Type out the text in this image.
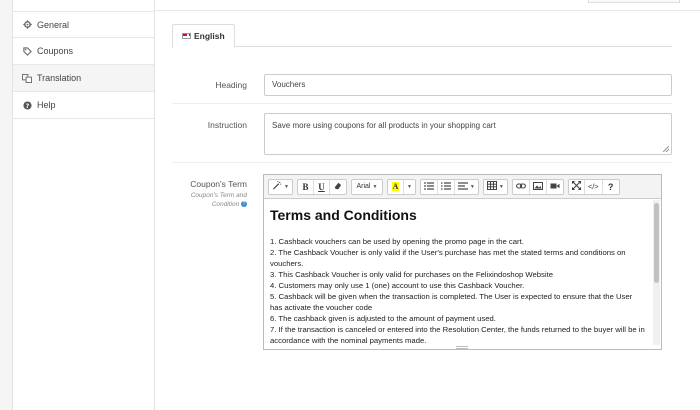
General
Coupons
Translation
? Help
English
Heading	Vouchers
Instruction	Save more using coupons for all products in your shopping cart
Coupon's Term
Coupon's Term and Condition ?
▼ B U	Arial ▼ A ▼	▼	▼	</> ?
Terms and Conditions
1. Cashback vouchers can be used by opening the promo page in the cart.
2. The Cashback Voucher is only valid if the User's purchase has met the stated terms and conditions on vouchers.
3. This Cashback Voucher is only valid for purchases on the Felixindoshop Website
4. Customers may only use 1 (one) account to use this Cashback Voucher.
5. Cashback will be given when the transaction is completed. The User is expected to ensure that the User has activate the voucher code
6. The cashback given is adjusted to the amount of payment used.
7. If the transaction is canceled or entered into the Resolution Center, the funds returned to the buyer will be in accordance with the nominal payments made.
